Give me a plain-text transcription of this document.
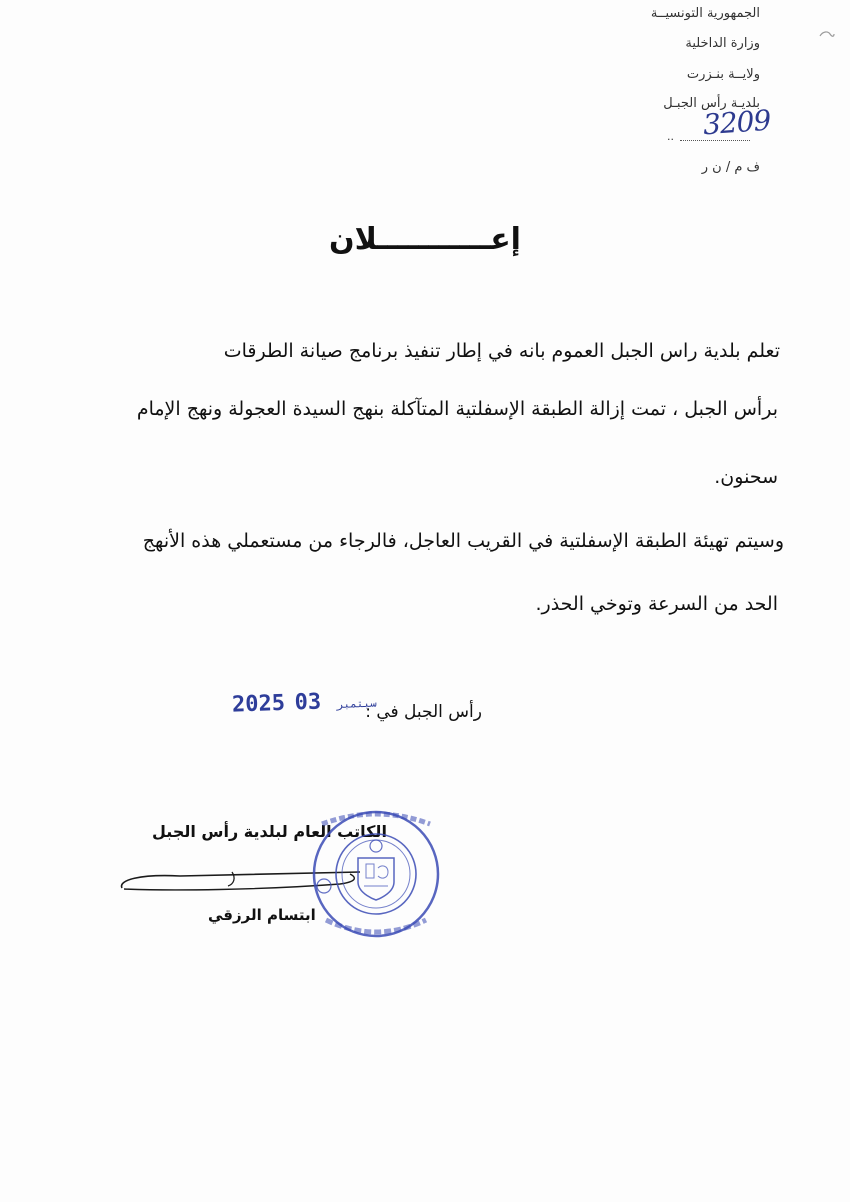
الجمهورية التونسيــة
وزارة الداخلية
ولايــة بنـزرت
بلديـة رأس الجبـل
3209
..
ف م / ن ر
إعـــــــــــلان
تعلم بلدية راس الجبل العموم بانه في إطار تنفيذ برنامج صيانة الطرقات
برأس الجبل ، تمت إزالة الطبقة الإسفلتية المتآكلة بنهج السيدة العجولة ونهج الإمام
سحنون.
وسيتم تهيئة الطبقة الإسفلتية في القريب العاجل، فالرجاء من مستعملي هذه الأنهج
الحد من السرعة وتوخي الحذر.
رأس الجبل في :
2025	سبتمبر 03
الكاتب العام لبلدية رأس الجبل
ابتسام الرزقي
